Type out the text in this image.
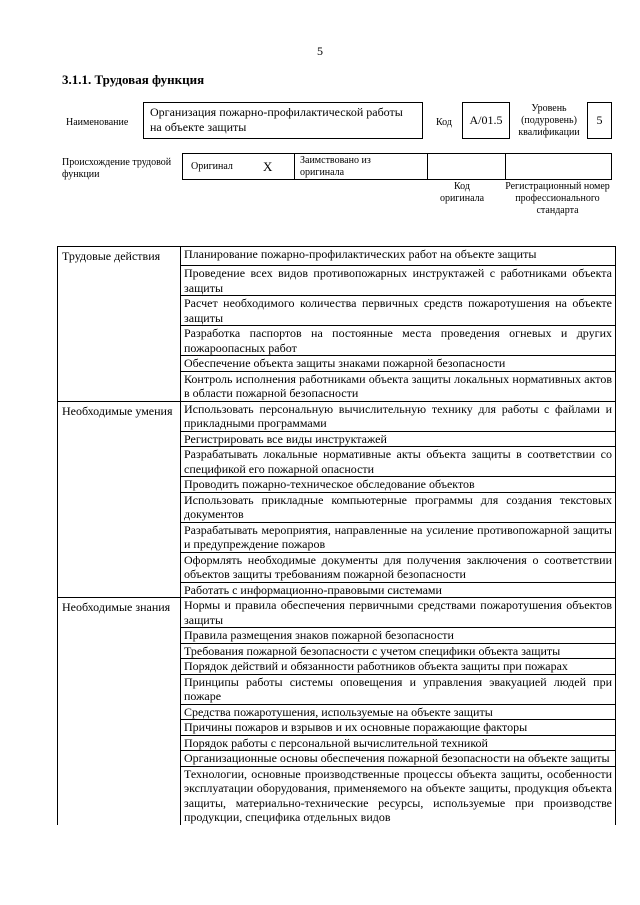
5
3.1.1. Трудовая функция
Наименование
Организация пожарно-профилактической работы на объекте защиты	Код	А/01.5
Уровень (подуровень) квалификации
5
Происхождение трудовой функции
Оригинал X	Заимствовано из оригинала
Код оригинала
Регистрационный номер профессионального стандарта
Трудовые действия	Планирование пожарно-профилактических работ на объекте защиты
	Проведение всех видов противопожарных инструктажей с работниками объекта защиты
	Расчет необходимого количества первичных средств пожаротушения на объекте защиты
	Разработка паспортов на постоянные места проведения огневых и других пожароопасных работ
	Обеспечение объекта защиты знаками пожарной безопасности
	Контроль исполнения работниками объекта защиты локальных нормативных актов в области пожарной безопасности
Необходимые умения	Использовать персональную вычислительную технику для работы с файлами и прикладными программами
	Регистрировать все виды инструктажей
	Разрабатывать локальные нормативные акты объекта защиты в соответствии со спецификой его пожарной опасности
	Проводить пожарно-техническое обследование объектов
	Использовать прикладные компьютерные программы для создания текстовых документов
	Разрабатывать мероприятия, направленные на усиление противопожарной защиты и предупреждение пожаров
	Оформлять необходимые документы для получения заключения о соответствии объектов защиты требованиям пожарной безопасности
	Работать с информационно-правовыми системами
Необходимые знания	Нормы и правила обеспечения первичными средствами пожаротушения объектов защиты
	Правила размещения знаков пожарной безопасности
	Требования пожарной безопасности с учетом специфики объекта защиты
	Порядок действий и обязанности работников объекта защиты при пожарах
	Принципы работы системы оповещения и управления эвакуацией людей при пожаре
	Средства пожаротушения, используемые на объекте защиты
	Причины пожаров и взрывов и их основные поражающие факторы
	Порядок работы с персональной вычислительной техникой
	Организационные основы обеспечения пожарной безопасности на объекте защиты
	Технологии, основные производственные процессы объекта защиты, особенности эксплуатации оборудования, применяемого на объекте защиты, продукция объекта защиты, материально-технические ресурсы, используемые при производстве продукции, специфика отдельных видов
